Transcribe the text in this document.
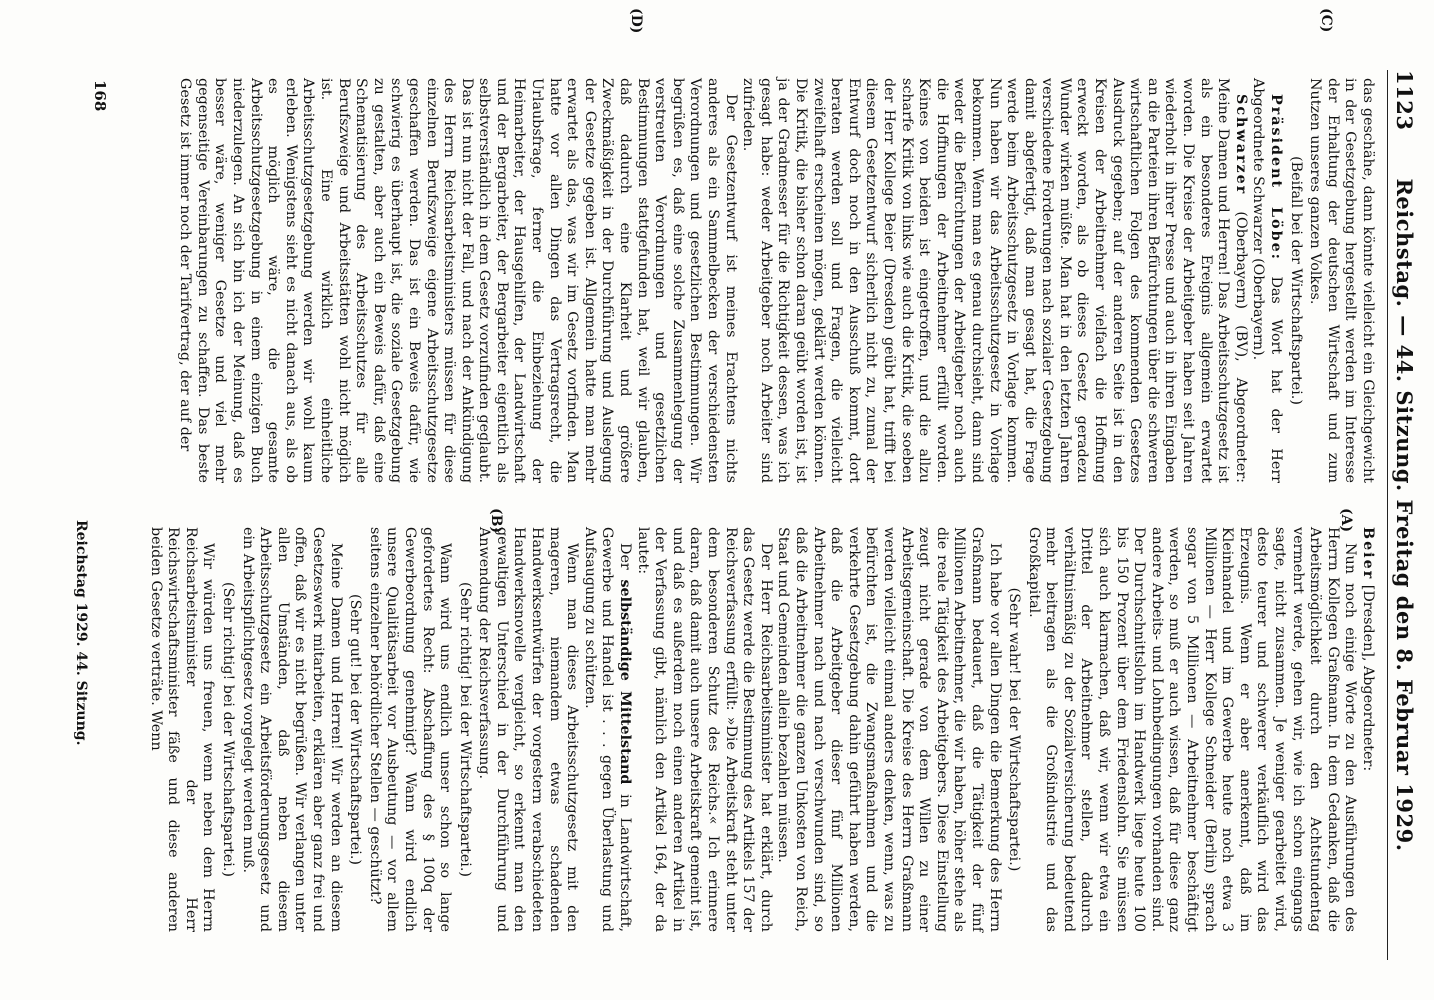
1123
Reichstag. — 44. Sitzung. Freitag den 8. Februar 1929.
(C)
(D)

das geschähe, dann könnte vielleicht ein Gleichgewicht in der Gesetzgebung hergestellt werden im Interesse der Erhaltung der deutschen Wirtschaft und zum Nutzen unseres ganzen Volkes.

(Beifall bei der Wirtschaftspartei.)

Präsident Löbe: Das Wort hat der Herr Abgeordnete Schwarzer (Oberbayern).

Schwarzer (Oberbayern) (BV), Abgeordneter: Meine Damen und Herren! Das Arbeitsschutzgesetz ist als ein besonderes Ereignis allgemein erwartet worden. Die Kreise der Arbeitgeber haben seit Jahren wiederholt in ihrer Presse und auch in ihren Eingaben an die Parteien ihren Befürchtungen über die schweren wirtschaftlichen Folgen des kommenden Gesetzes Ausdruck gegeben; auf der anderen Seite ist in den Kreisen der Arbeitnehmer vielfach die Hoffnung erweckt worden, als ob dieses Gesetz geradezu Wunder wirken müßte. Man hat in den letzten Jahren verschiedene Forderungen nach sozialer Gesetzgebung damit abgefertigt, daß man gesagt hat, die Frage werde beim Arbeitsschutzgesetz in Vorlage kommen. Nun haben wir das Arbeitsschutzgesetz in Vorlage bekommen. Wenn man es genau durchsieht, dann sind weder die Befürchtungen der Arbeitgeber noch auch die Hoffnungen der Arbeitnehmer erfüllt worden. Keines von beiden ist eingetroffen, und die allzu scharfe Kritik von links wie auch die Kritik, die soeben der Herr Kollege Beier (Dresden) geübt hat, trifft bei diesem Gesetzentwurf sicherlich nicht zu, zumal der Entwurf doch noch in den Ausschuß kommt, dort beraten werden soll und Fragen, die vielleicht zweifelhaft erscheinen mögen, geklärt werden können. Die Kritik, die bisher schon daran geübt worden ist, ist ja der Gradmesser für die Richtigkeit dessen, was ich gesagt habe: weder Arbeitgeber noch Arbeiter sind zufrieden.

Der Gesetzentwurf ist meines Erachtens nichts anderes als ein Sammelbecken der verschiedensten Verordnungen und gesetzlichen Bestimmungen. Wir begrüßen es, daß eine solche Zusammenlegung der verstreuten Verordnungen und gesetzlichen Bestimmungen stattgefunden hat, weil wir glauben, daß dadurch eine Klarheit und größere Zweckmäßigkeit in der Durchführung und Auslegung der Gesetze gegeben ist. Allgemein hatte man mehr erwartet als das, was wir im Gesetz vorfinden. Man hatte vor allen Dingen das Vertragsrecht, die Urlaubsfrage, ferner die Einbeziehung der Heimarbeiter, der Hausgehilfen, der Landwirtschaft und der Bergarbeiter, der Bergarbeiter eigentlich als selbstverständlich in dem Gesetz vorzufinden geglaubt. Das ist nun nicht der Fall, und nach der Ankündigung des Herrn Reichsarbeitsministers müssen für diese einzelnen Berufszweige eigene Arbeitsschutzgesetze geschaffen werden. Das ist ein Beweis dafür, wie schwierig es überhaupt ist, die soziale Gesetzgebung zu gestalten, aber auch ein Beweis dafür, daß eine Schematisierung des Arbeitsschutzes für alle Berufszweige und Arbeitsstätten wohl nicht möglich ist. Eine wirklich einheitliche Arbeitsschutzgesetzgebung werden wir wohl kaum erleben. Wenigstens sieht es nicht danach aus, als ob es möglich wäre, die gesamte Arbeitsschutzgesetzgebung in einem einzigen Buch niederzulegen. An sich bin ich der Meinung, daß es besser wäre, weniger Gesetze und viel mehr gegenseitige Vereinbarungen zu schaffen. Das beste Gesetz ist immer noch der Tarifvertrag, der auf der

Beier [Dresden], Abgeordneter:

Nun noch einige Worte zu den Ausführungen des Herrn Kollegen Graßmann. In dem Gedanken, daß die Arbeitsmöglichkeit durch den Achtstundentag vermehrt werde, gehen wir, wie ich schon eingangs sagte, nicht zusammen. Je weniger gearbeitet wird, desto teurer und schwerer verkäuflich wird das Erzeugnis. Wenn er aber anerkennt, daß im Kleinhandel und im Gewerbe heute noch etwa 3 Millionen — Herr Kollege Schneider (Berlin) sprach sogar von 5 Millionen — Arbeitnehmer beschäftigt werden, so muß er auch wissen, daß für diese ganz andere Arbeits- und Lohnbedingungen vorhanden sind. Der Durchschnittslohn im Handwerk liege heute 100 bis 150 Prozent über dem Friedenslohn. Sie müssen sich auch klarmachen, daß wir, wenn wir etwa ein Drittel der Arbeitnehmer stellen, dadurch verhältnismäßig zu der Sozialversicherung bedeutend mehr beitragen als die Großindustrie und das Großkapital.

(Sehr wahr! bei der Wirtschaftspartei.)

Ich habe vor allen Dingen die Bemerkung des Herrn Graßmann bedauert, daß die Tätigkeit der fünf Millionen Arbeitnehmer, die wir haben, höher stehe als die reale Tätigkeit des Arbeitgebers. Diese Einstellung zeugt nicht gerade von dem Willen zu einer Arbeitsgemeinschaft. Die Kreise des Herrn Graßmann werden vielleicht einmal anders denken, wenn, was zu befürchten ist, die Zwangsmaßnahmen und die verkehrte Gesetzgebung dahin geführt haben werden, daß die Arbeitgeber dieser fünf Millionen Arbeitnehmer nach und nach verschwunden sind, so daß die Arbeitnehmer die ganzen Unkosten von Reich, Staat und Gemeinden allein bezahlen müssen.

Der Herr Reichsarbeitsminister hat erklärt, durch das Gesetz werde die Bestimmung des Artikels 157 der Reichsverfassung erfüllt: »Die Arbeitskraft steht unter dem besonderen Schutz des Reichs.« Ich erinnere daran, daß damit auch unsere Arbeitskraft gemeint ist, und daß es außerdem noch einen anderen Artikel in der Verfassung gibt, nämlich den Artikel 164, der da lautet:

Der selbständige Mittelstand in Landwirtschaft, Gewerbe und Handel ist . . . gegen Überlastung und Aufsaugung zu schützen.

Wenn man dieses Arbeitsschutzgesetz mit den mageren, niemandem etwas schadenden Handwerksentwürfen der vorgestern verabschiedeten Handwerksnovelle vergleicht, so erkennt man den gewaltigen Unterschied in der Durchführung und Anwendung der Reichsverfassung.

(Sehr richtig! bei der Wirtschaftspartei.)

Wann wird uns endlich unser schon so lange gefordertes Recht: Abschaffung des § 100q der Gewerbeordnung genehmigt? Wann wird endlich unsere Qualitätsarbeit vor Ausbeutung — vor allem seitens einzelner behördlicher Stellen — geschützt?

(Sehr gut! bei der Wirtschaftspartei.)

Meine Damen und Herren! Wir werden an diesem Gesetzeswerk mitarbeiten, erklären aber ganz frei und offen, daß wir es nicht begrüßen. Wir verlangen unter allen Umständen, daß neben diesem Arbeitsschutzgesetz ein Arbeitsförderungsgesetz und ein Arbeitspflichtgesetz vorgelegt werden muß.

(Sehr richtig! bei der Wirtschaftspartei.)

Wir würden uns freuen, wenn neben dem Herrn Reichsarbeitsminister der Herr Reichswirtschaftsminister fäße und diese anderen beiden Gesetze verträte. Wenn

(A)
(B)
Reichstag 1929. 44. Sitzung.
168
